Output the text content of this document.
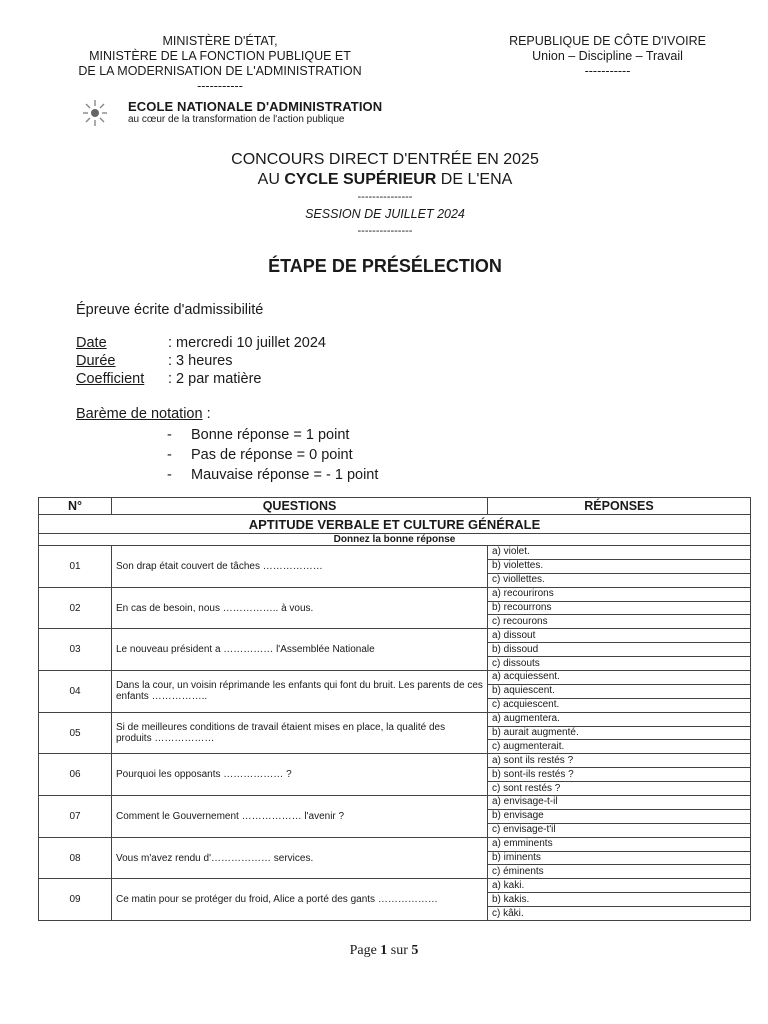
MINISTÈRE D'ÉTAT,
MINISTÈRE DE LA FONCTION PUBLIQUE ET
DE LA MODERNISATION DE L'ADMINISTRATION
-----------
REPUBLIQUE DE CÔTE D'IVOIRE
Union – Discipline – Travail
-----------
ECOLE NATIONALE D'ADMINISTRATION
au cœur de la transformation de l'action publique
CONCOURS DIRECT D'ENTRÉE EN 2025
AU CYCLE SUPÉRIEUR DE L'ENA
---------------
SESSION DE JUILLET 2024
---------------
ÉTAPE DE PRÉSÉLECTION
Épreuve écrite d'admissibilité
Date	: mercredi 10 juillet 2024
Durée	: 3 heures
Coefficient : 2 par matière
Barème de notation :
- Bonne réponse = 1 point
- Pas de réponse = 0 point
- Mauvaise réponse = - 1 point
N°	QUESTIONS	RÉPONSES
APTITUDE VERBALE ET CULTURE GÉNÉRALE		
Donnez la bonne réponse		
01	Son drap était couvert de tâches ………………	a) violet.
		b) violettes.
		c) viollettes.
02	En cas de besoin, nous …………….. à vous.	a) recourirons
		b) recourrons
		c) recourons
03	Le nouveau président a …………… l'Assemblée Nationale	a) dissout
		b) dissoud
		c) dissouts
04	Dans la cour, un voisin réprimande les enfants qui font du bruit. Les parents de ces enfants ……………..	a) acquiessent.
		b) aquiescent.
		c) acquiescent.
05	Si de meilleures conditions de travail étaient mises en place, la qualité des produits ………………	a) augmentera.
		b) aurait augmenté.
		c) augmenterait.
06	Pourquoi les opposants ……………… ?	a) sont ils restés ?
		b) sont-ils restés ?
		c) sont restés ?
07	Comment le Gouvernement ……………… l'avenir ?	a) envisage-t-il
		b) envisage
		c) envisage-t'il
08	Vous m'avez rendu d'……………… services.	a) emminents
		b) iminents
		c) éminents
09	Ce matin pour se protéger du froid, Alice a porté des gants ………………	a) kaki.
		b) kakis.
		c) kâki.
Page 1 sur 5
